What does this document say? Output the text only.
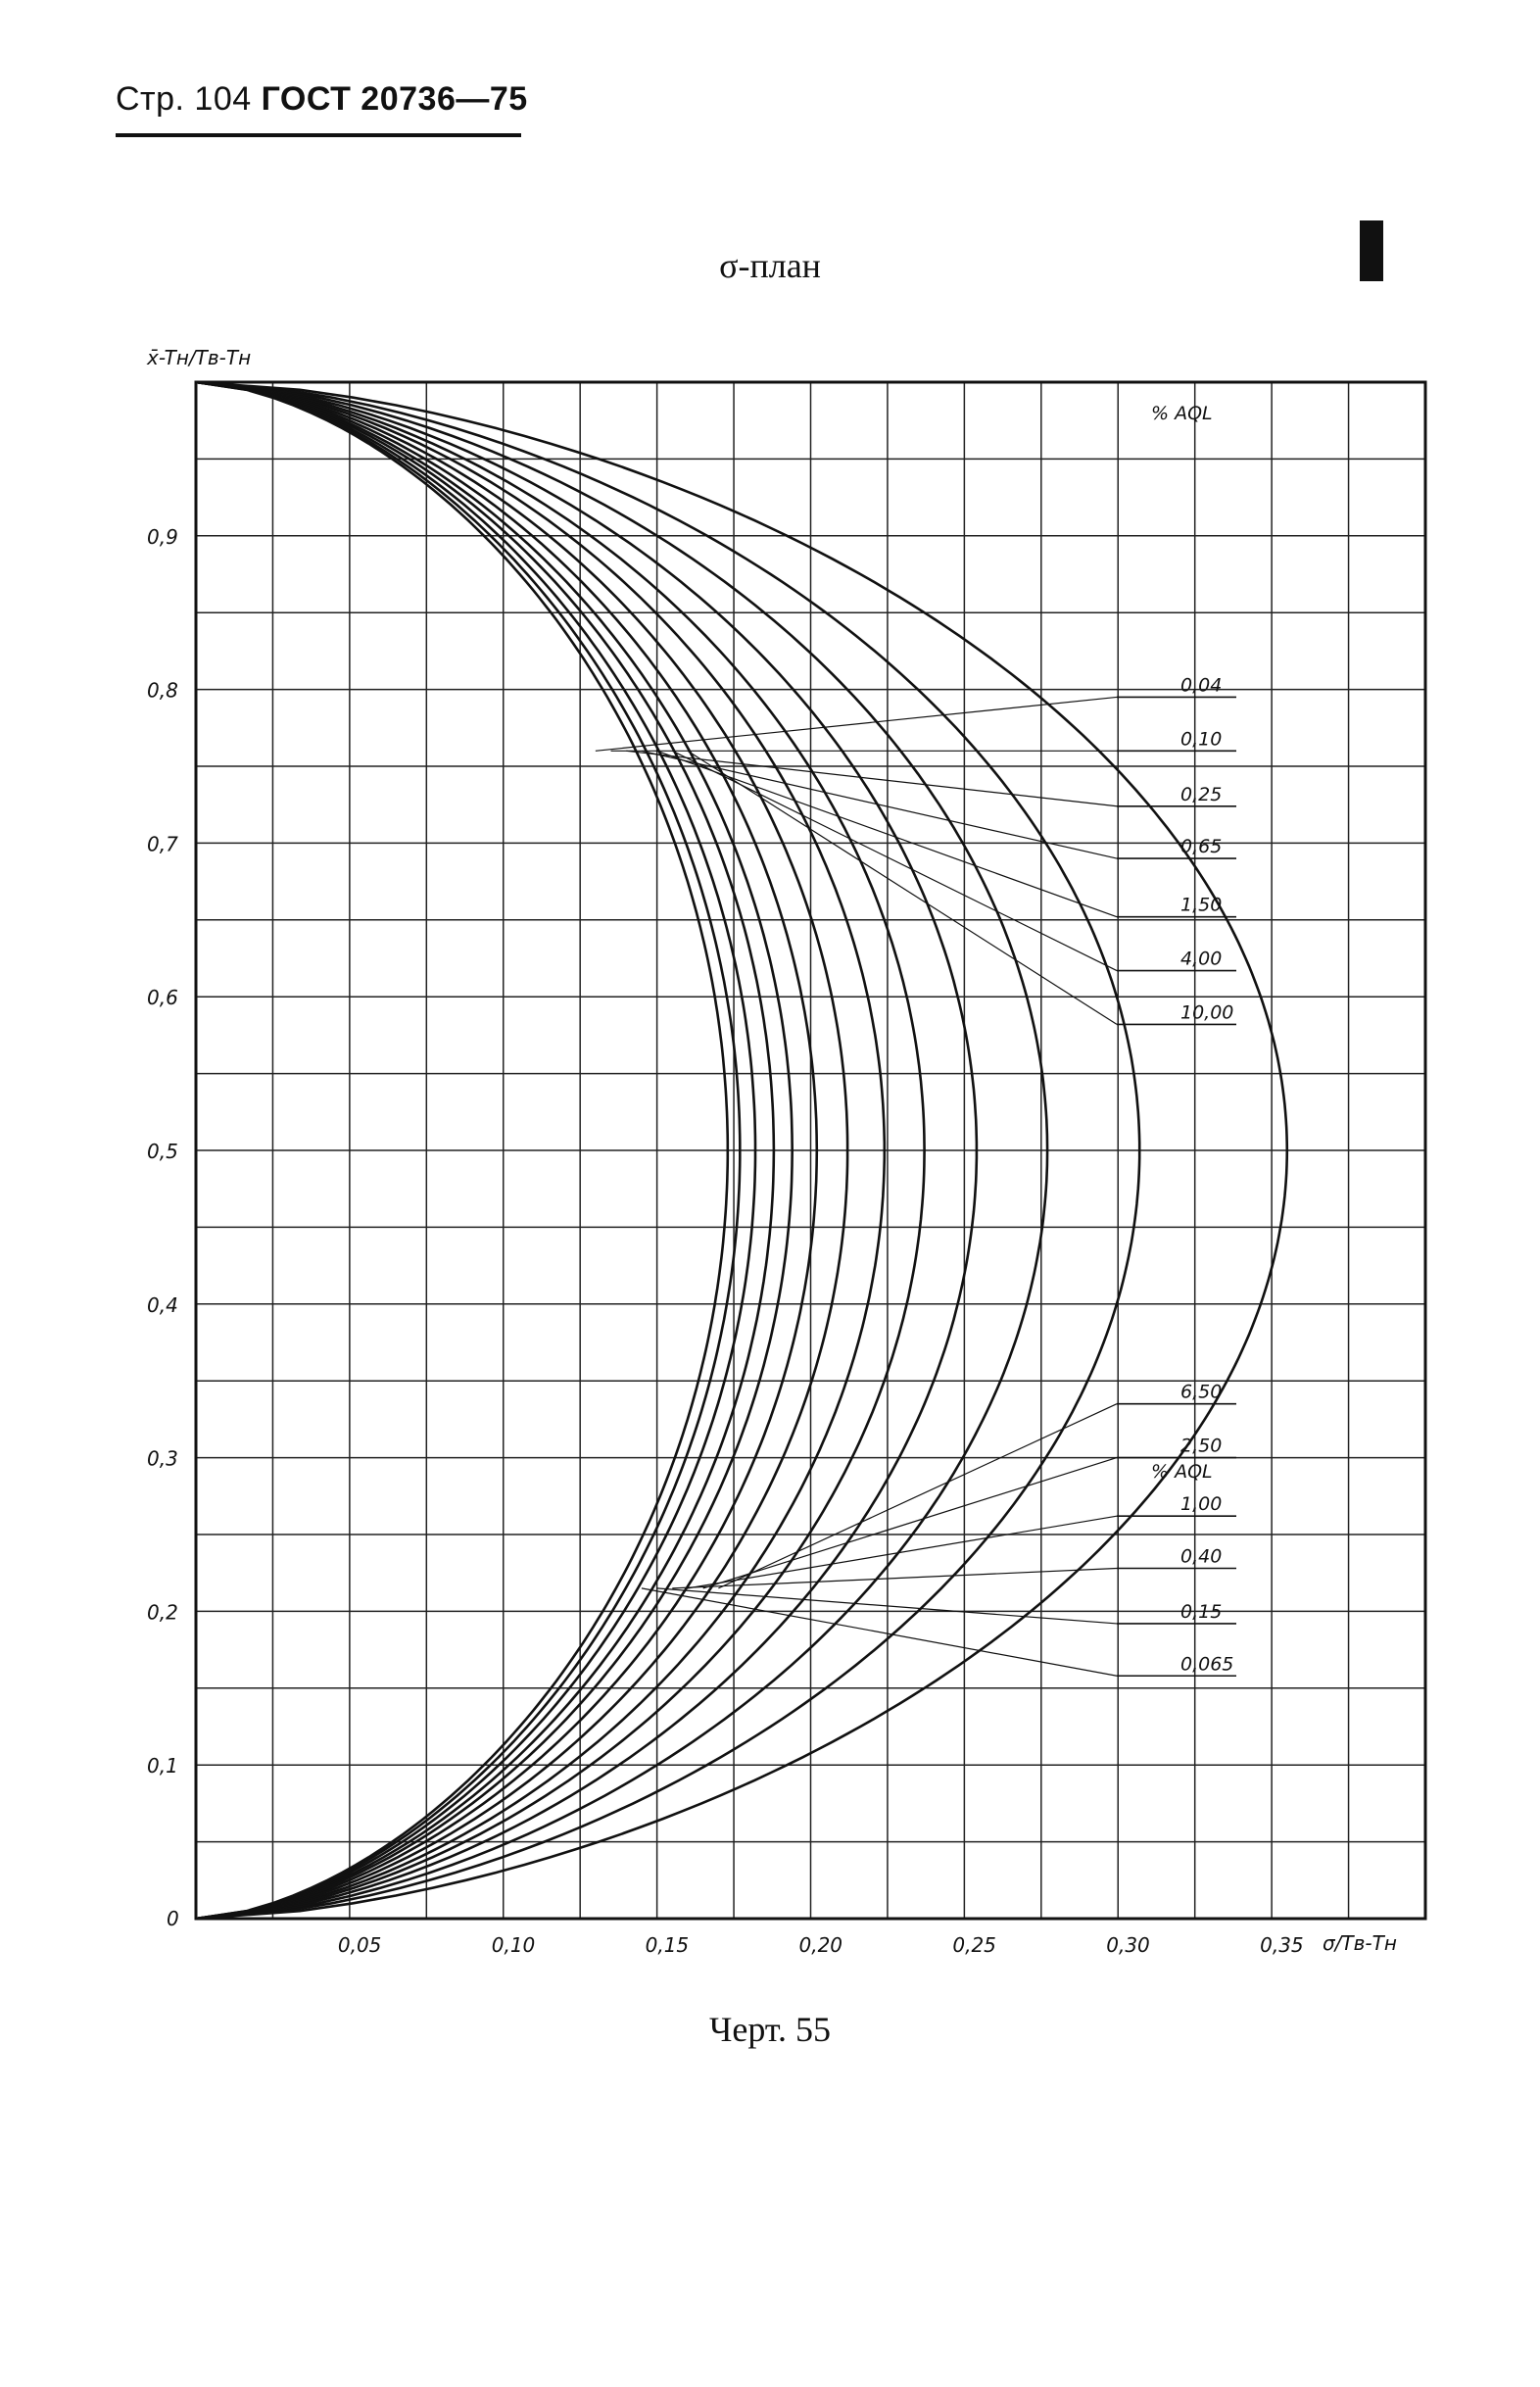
Стр. 104 ГОСТ 20736—75
σ-план
x̄-Tн/Tв-Tн
σ/Tв-Tн
0,1
0,2
0,3
0,4
0,5
0,6
0,7
0,8
0,9
0
0,05	0,10	0,15	0,20	0,25	0,30	0,35
% AQL
% AQL
0,04
0,065
0,10
0,15
0,25
0,40
0,65
1,00
1,50
2,50
4,00
6,50
10,00
Черт. 55
